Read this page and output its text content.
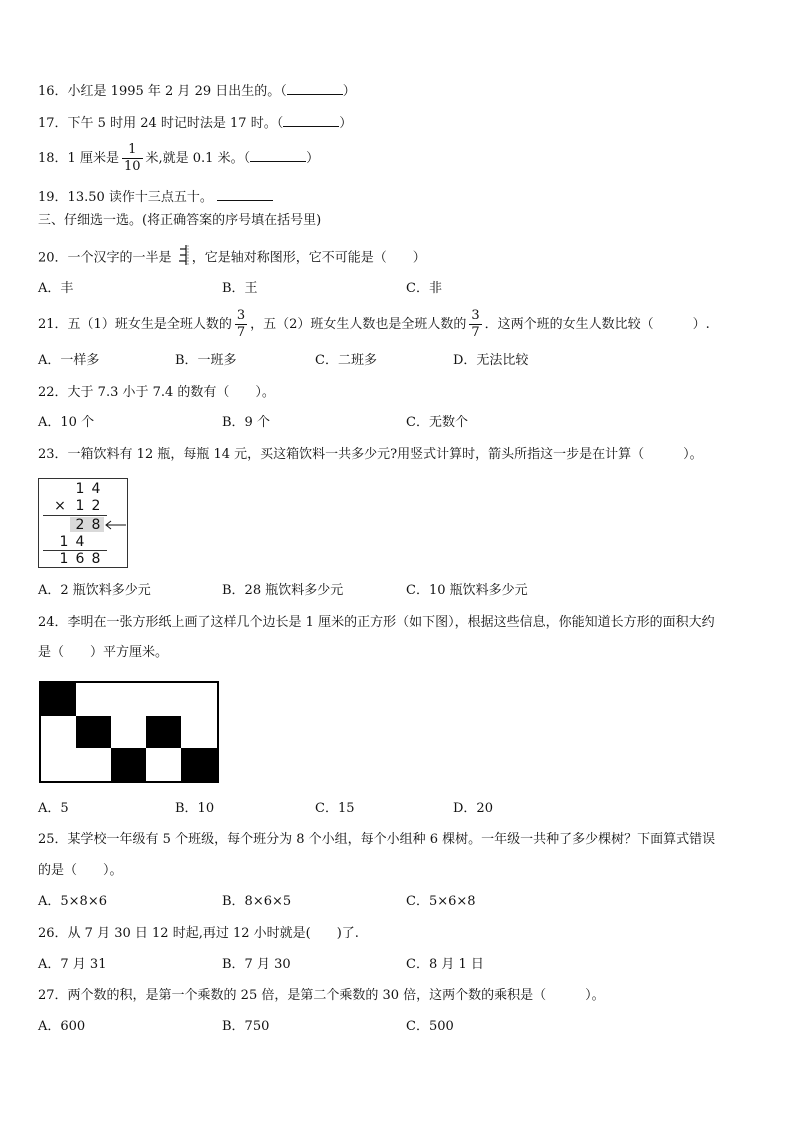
16．小红是 1995 年 2 月 29 日出生的。（	）
17．下午 5 时用 24 时记时法是 17 时。（	）
18．1 厘米是 $\frac{1}{10}$ 米,就是 0.1 米。（	）
19．13.50 读作十三点五十。
三、仔细选一选。(将正确答案的序号填在括号里)
20．一个汉字的一半是 ，它是轴对称图形，它不可能是（　　）
A．丰	B．王	C．非
21．五（1）班女生是全班人数的 $\frac{3}{7}$ ，五（2）班女生人数也是全班人数的 $\frac{3}{7}$ ．这两个班的女生人数比较（　　　）.
A．一样多	B．一班多	C．二班多	D．无法比较
22．大于 7.3 小于 7.4 的数有（　　）。
A．10 个	B．9 个	C．无数个
23．一箱饮料有 12 瓶，每瓶 14 元，买这箱饮料一共多少元?用竖式计算时，箭头所指这一步是在计算（　　　）。
1 4
× 1 2
2 8
1 4
1 6 8
A．2 瓶饮料多少元	B．28 瓶饮料多少元	C．10 瓶饮料多少元
24．李明在一张方形纸上画了这样几个边长是 1 厘米的正方形（如下图），根据这些信息，你能知道长方形的面积大约
是（　　）平方厘米。
A．5	B．10	C．15	D．20
25．某学校一年级有 5 个班级，每个班分为 8 个小组，每个小组种 6 棵树。一年级一共种了多少棵树？下面算式错误
的是（　　）。
A．5×8×6	B．8×6×5	C．5×6×8
26．从 7 月 30 日 12 时起,再过 12 小时就是(　　)了.
A．7 月 31	B．7 月 30	C．8 月 1 日
27．两个数的积，是第一个乘数的 25 倍，是第二个乘数的 30 倍，这两个数的乘积是（　　　）。
A．600	B．750	C．500
